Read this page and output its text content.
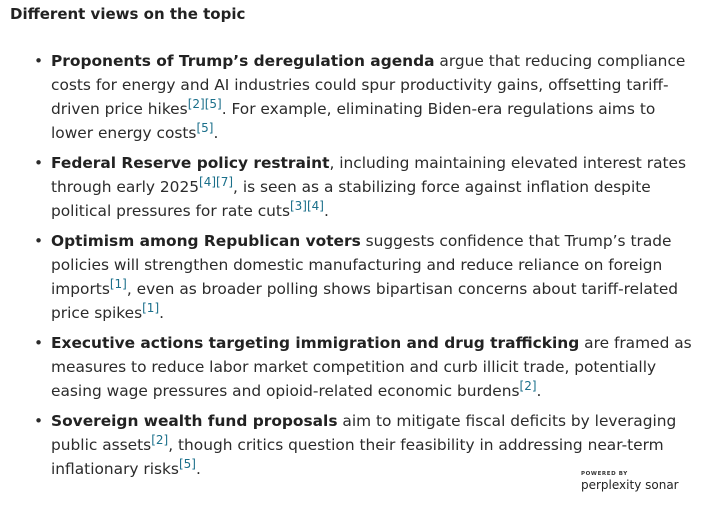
Different views on the topic
• Proponents of Trump’s deregulation agenda argue that reducing compliance costs for energy and AI industries could spur productivity gains, offsetting tariff-driven price hikes[2][5]. For example, eliminating Biden-era regulations aims to lower energy costs[5].
• Federal Reserve policy restraint, including maintaining elevated interest rates through early 2025[4][7], is seen as a stabilizing force against inflation despite political pressures for rate cuts[3][4].
• Optimism among Republican voters suggests confidence that Trump’s trade policies will strengthen domestic manufacturing and reduce reliance on foreign imports[1], even as broader polling shows bipartisan concerns about tariff-related price spikes[1].
• Executive actions targeting immigration and drug trafficking are framed as measures to reduce labor market competition and curb illicit trade, potentially easing wage pressures and opioid-related economic burdens[2].
• Sovereign wealth fund proposals aim to mitigate fiscal deficits by leveraging public assets[2], though critics question their feasibility in addressing near-term inflationary risks[5].	POWERED BY
perplexity sonar
